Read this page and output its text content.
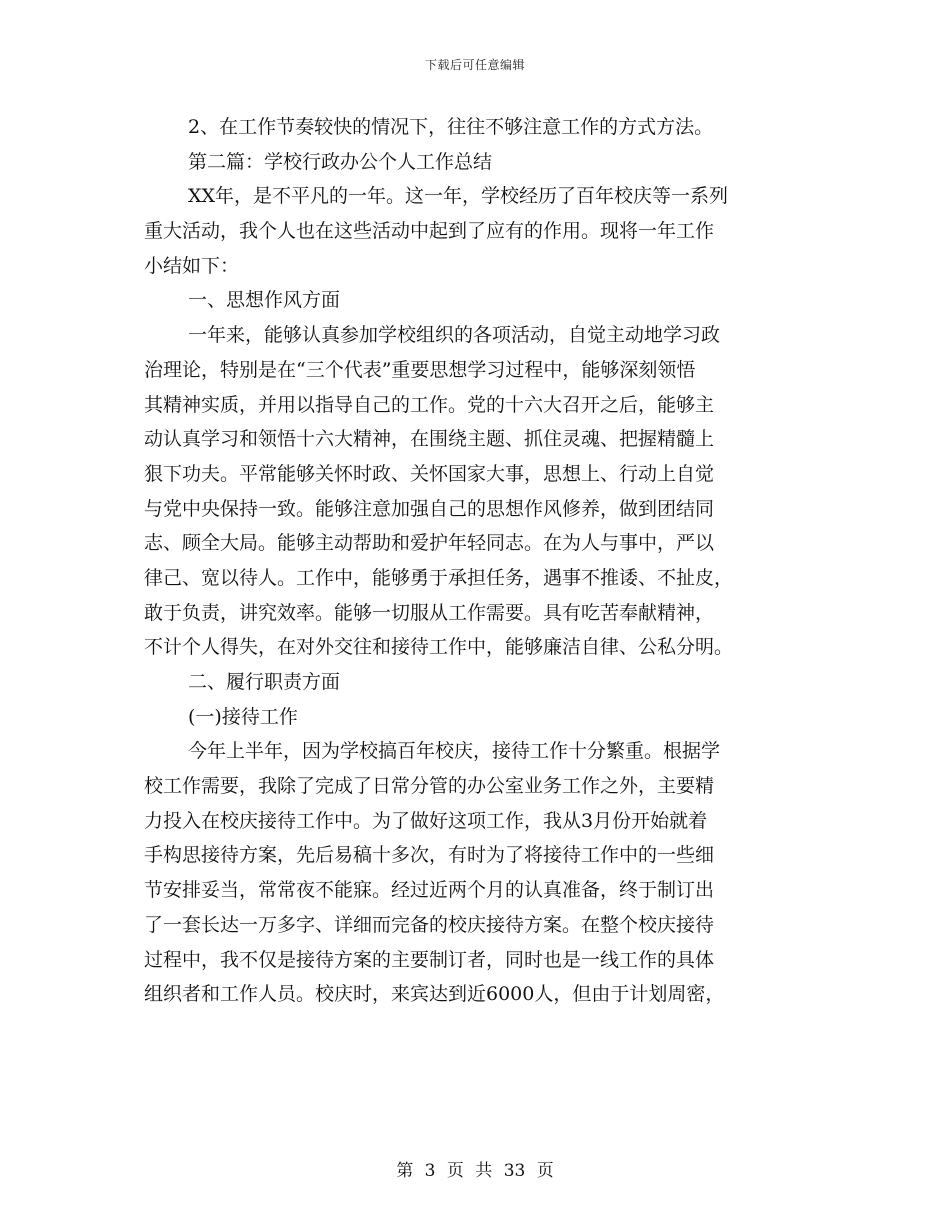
下载后可任意编辑
2、在工作节奏较快的情况下，往往不够注意工作的方式方法。
第二篇：学校行政办公个人工作总结
XX年，是不平凡的一年。这一年，学校经历了百年校庆等一系列
重大活动，我个人也在这些活动中起到了应有的作用。现将一年工作
小结如下：
一、思想作风方面
一年来，能够认真参加学校组织的各项活动，自觉主动地学习政
治理论，特别是在“三个代表”重要思想学习过程中，能够深刻领悟
其精神实质，并用以指导自己的工作。党的十六大召开之后，能够主
动认真学习和领悟十六大精神，在围绕主题、抓住灵魂、把握精髓上
狠下功夫。平常能够关怀时政、关怀国家大事，思想上、行动上自觉
与党中央保持一致。能够注意加强自己的思想作风修养，做到团结同
志、顾全大局。能够主动帮助和爱护年轻同志。在为人与事中，严以
律己、宽以待人。工作中，能够勇于承担任务，遇事不推诿、不扯皮，
敢于负责，讲究效率。能够一切服从工作需要。具有吃苦奉献精神，
不计个人得失，在对外交往和接待工作中，能够廉洁自律、公私分明。
二、履行职责方面
(一)接待工作
今年上半年，因为学校搞百年校庆，接待工作十分繁重。根据学
校工作需要，我除了完成了日常分管的办公室业务工作之外，主要精
力投入在校庆接待工作中。为了做好这项工作，我从3月份开始就着
手构思接待方案，先后易稿十多次，有时为了将接待工作中的一些细
节安排妥当，常常夜不能寐。经过近两个月的认真准备，终于制订出
了一套长达一万多字、详细而完备的校庆接待方案。在整个校庆接待
过程中，我不仅是接待方案的主要制订者，同时也是一线工作的具体
组织者和工作人员。校庆时，来宾达到近6000人，但由于计划周密，
第 3 页 共 33 页
